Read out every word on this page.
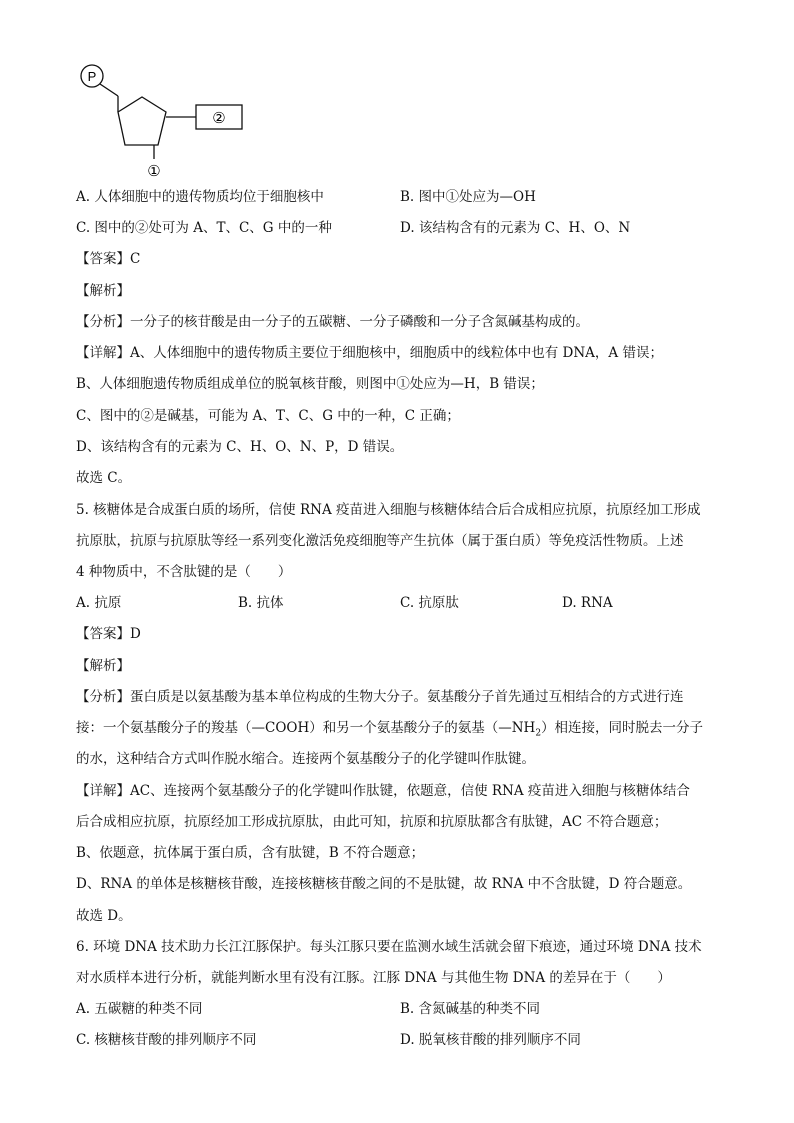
P
②
①
A. 人体细胞中的遗传物质均位于细胞核中	B. 图中①处应为—OH
C. 图中的②处可为 A、T、C、G 中的一种	D. 该结构含有的元素为 C、H、O、N
【答案】C
【解析】
【分析】一分子的核苷酸是由一分子的五碳糖、一分子磷酸和一分子含氮碱基构成的。
【详解】A、人体细胞中的遗传物质主要位于细胞核中，细胞质中的线粒体中也有 DNA，A 错误；
B、人体细胞遗传物质组成单位的脱氧核苷酸，则图中①处应为—H，B 错误；
C、图中的②是碱基，可能为 A、T、C、G 中的一种，C 正确；
D、该结构含有的元素为 C、H、O、N、P，D 错误。
故选 C。
5. 核糖体是合成蛋白质的场所，信使 RNA 疫苗进入细胞与核糖体结合后合成相应抗原，抗原经加工形成
抗原肽，抗原与抗原肽等经一系列变化激活免疫细胞等产生抗体（属于蛋白质）等免疫活性物质。上述
4 种物质中，不含肽键的是（　　）
A. 抗原	B. 抗体	C. 抗原肽	D. RNA
【答案】D
【解析】
【分析】蛋白质是以氨基酸为基本单位构成的生物大分子。氨基酸分子首先通过互相结合的方式进行连
接：一个氨基酸分子的羧基（—COOH）和另一个氨基酸分子的氨基$(—NH_2)$相连接，同时脱去一分子
的水，这种结合方式叫作脱水缩合。连接两个氨基酸分子的化学键叫作肽键。
【详解】AC、连接两个氨基酸分子的化学键叫作肽键，依题意，信使 RNA 疫苗进入细胞与核糖体结合
后合成相应抗原，抗原经加工形成抗原肽，由此可知，抗原和抗原肽都含有肽键，AC 不符合题意；
B、依题意，抗体属于蛋白质，含有肽键，B 不符合题意；
D、RNA 的单体是核糖核苷酸，连接核糖核苷酸之间的不是肽键，故 RNA 中不含肽键，D 符合题意。
故选 D。
6. 环境 DNA 技术助力长江江豚保护。每头江豚只要在监测水域生活就会留下痕迹，通过环境 DNA 技术
对水质样本进行分析，就能判断水里有没有江豚。江豚 DNA 与其他生物 DNA 的差异在于（　　）
A. 五碳糖的种类不同	B. 含氮碱基的种类不同
C. 核糖核苷酸的排列顺序不同	D. 脱氧核苷酸的排列顺序不同
